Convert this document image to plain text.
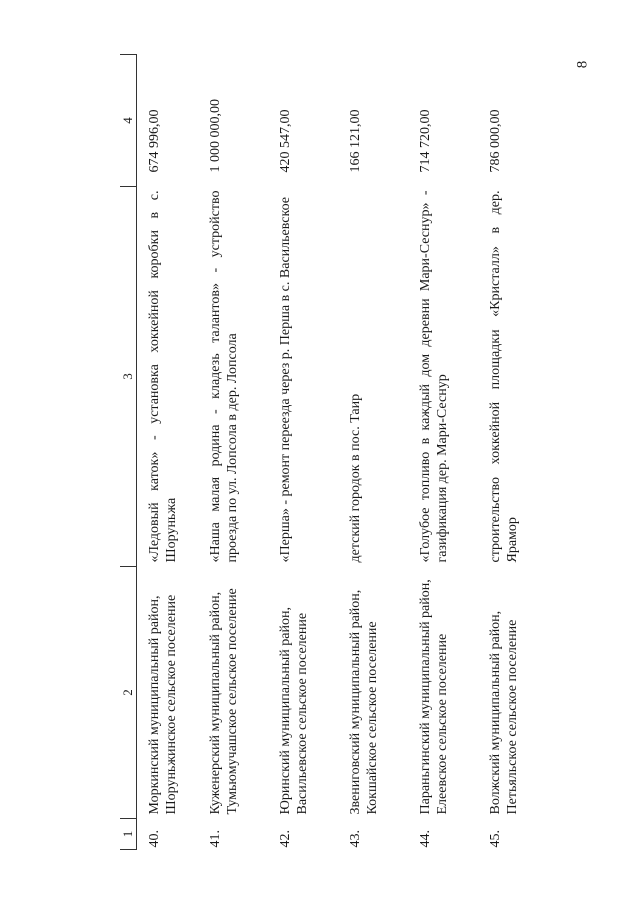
8
1	2	3	4
40.	Моркинский муниципальный район, Шоруньжинское сельское поселение	«Ледовый каток» - установка хоккейной коробки в с. Шоруньжа	674 996,00
41.	Куженерский муниципальный район, Тумьюмучашское сельское поселение	«Наша малая родина - кладезь талантов» - устройство проезда по ул. Лопсола в дер. Лопсола	1 000 000,00
42.	Юринский муниципальный район, Васильевское сельское поселение	«Перша» - ремонт переезда через р. Перша в с. Васильевское	420 547,00
43.	Звениговский муниципальный район, Кокшайское сельское поселение	детский городок в пос. Таир	166 121,00
44.	Параньгинский муниципальный район, Елеевское сельское поселение	«Голубое топливо в каждый дом деревни Мари-Сеснур» - газификация дер. Мари-Сеснур	714 720,00
45.	Волжский муниципальный район, Петьяльское сельское поселение	строительство хоккейной площадки «Кристалл» в дер. Ярамор	786 000,00
